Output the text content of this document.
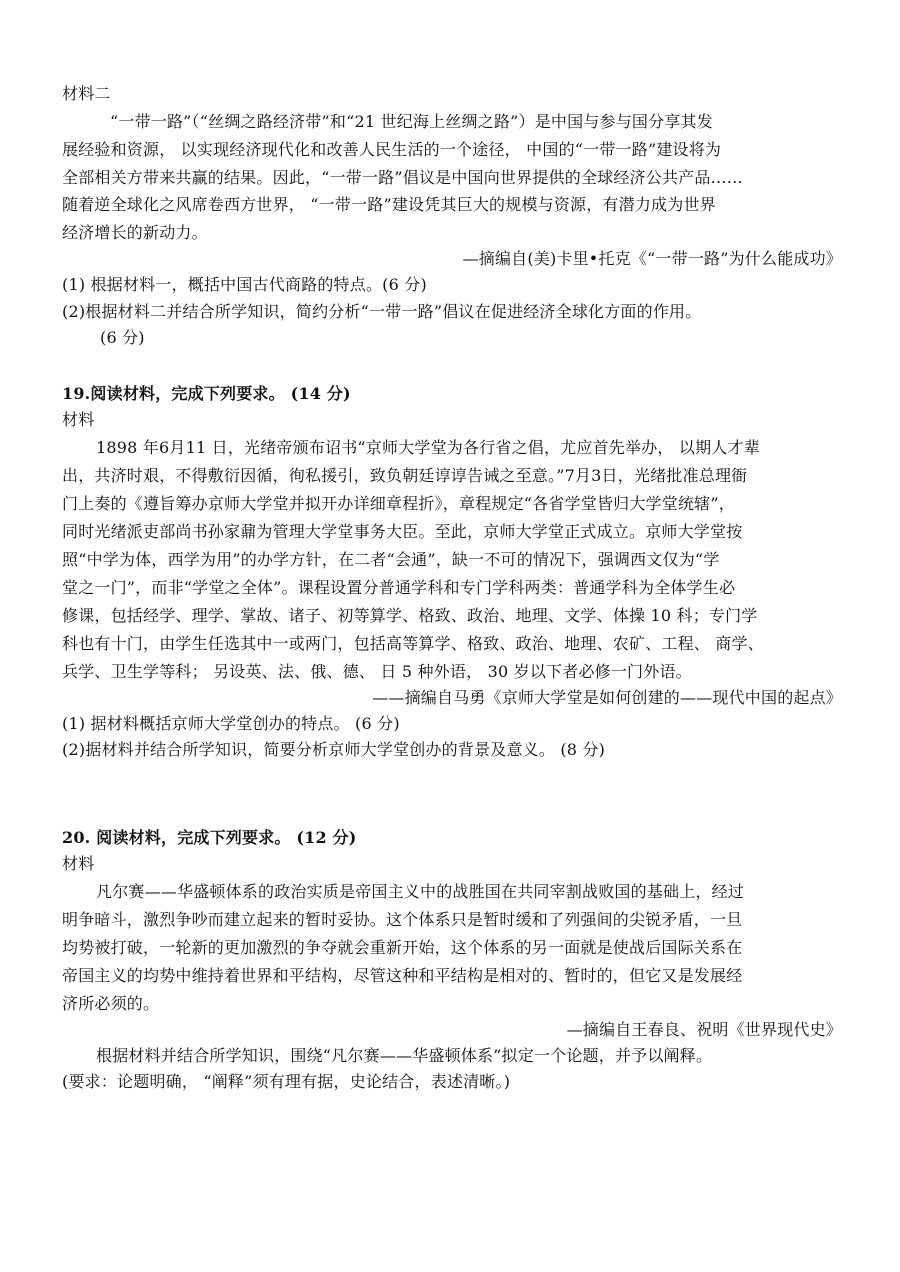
材料二
“一带一路”（“丝绸之路经济带”和“21 世纪海上丝绸之路”）是中国与参与国分享其发
展经验和资源， 以实现经济现代化和改善人民生活的一个途径， 中国的“一带一路”建设将为
全部相关方带来共赢的结果。因此，“一带一路”倡议是中国向世界提供的全球经济公共产品……
随着逆全球化之风席卷西方世界， “一带一路”建设凭其巨大的规模与资源，有潜力成为世界
经济增长的新动力。
—摘编自(美)卡里•托克《“一带一路”为什么能成功》
(1) 根据材料一，概括中国古代商路的特点。(6 分)
(2)根据材料二并结合所学知识，简约分析“一带一路”倡议在促进经济全球化方面的作用。
(6 分)
19.阅读材料，完成下列要求。 (14 分)
材料
1898 年6月11 日，光绪帝颁布诏书“京师大学堂为各行省之倡，尤应首先举办， 以期人才辈
出，共济时艰，不得敷衍因循，徇私援引，致负朝廷谆谆告诫之至意。”7月3日，光绪批准总理衙
门上奏的《遵旨筹办京师大学堂并拟开办详细章程折》，章程规定“各省学堂皆归大学堂统辖”，
同时光绪派吏部尚书孙家鼐为管理大学堂事务大臣。至此，京师大学堂正式成立。京师大学堂按
照“中学为体，西学为用”的办学方针，在二者“会通”，缺一不可的情况下，强调西文仅为“学
堂之一门”，而非“学堂之全体”。课程设置分普通学科和专门学科两类：普通学科为全体学生必
修课，包括经学、理学、掌故、诸子、初等算学、格致、政治、地理、文学、体操 10 科；专门学
科也有十门，由学生任选其中一或两门，包括高等算学、格致、政治、地理、农矿、工程、 商学、
兵学、卫生学等科； 另设英、法、俄、德、 日 5 种外语， 30 岁以下者必修一门外语。
——摘编自马勇《京师大学堂是如何创建的——现代中国的起点》
(1) 据材料概括京师大学堂创办的特点。 (6 分)
(2)据材料并结合所学知识，简要分析京师大学堂创办的背景及意义。 (8 分)
20. 阅读材料，完成下列要求。 (12 分)
材料
凡尔赛——华盛顿体系的政治实质是帝国主义中的战胜国在共同宰割战败国的基础上，经过
明争暗斗，激烈争吵而建立起来的暂时妥协。这个体系只是暂时缓和了列强间的尖锐矛盾，一旦
均势被打破，一轮新的更加激烈的争夺就会重新开始，这个体系的另一面就是使战后国际关系在
帝国主义的均势中维持着世界和平结构，尽管这种和平结构是相对的、暂时的，但它又是发展经
济所必须的。
—摘编自王春良、祝明《世界现代史》
根据材料并结合所学知识，围绕“凡尔赛——华盛顿体系”拟定一个论题，并予以阐释。
(要求：论题明确， “阐释”须有理有据，史论结合，表述清晰。)
